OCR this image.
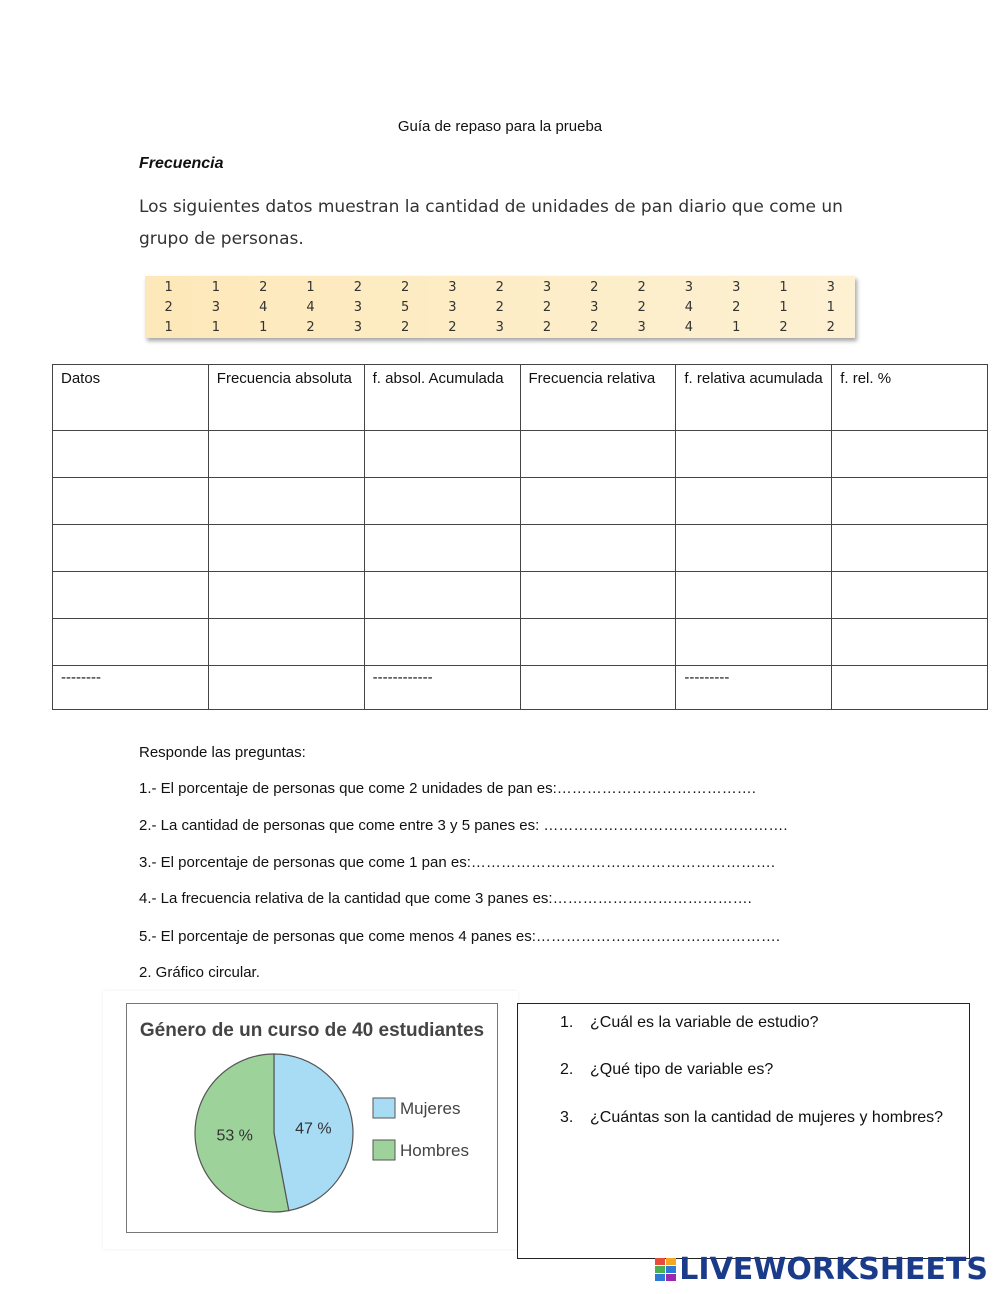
Guía de repaso para la prueba
Frecuencia
Los siguientes datos muestran la cantidad de unidades de pan diario que come un grupo de personas.
1	1	2	1	2	2	3	2	3	2	2	3	3	1	3
2	3	4	4	3	5	3	2	2	3	2	4	2	1	1
1	1	1	2	3	2	2	3	2	2	3	4	1	2	2
Datos	Frecuencia absoluta	f. absol. Acumulada	Frecuencia relativa	f. relativa acumulada	f. rel. %

--------		------------		---------	
Responde las preguntas:
1.- El porcentaje de personas que come 2 unidades de pan es:………………………………….
2.- La cantidad de personas que come entre 3 y 5 panes es: ………………………………………….
3.- El porcentaje de personas que come 1 pan es:…………………………………………………….
4.- La frecuencia relativa de la cantidad que come 3 panes es:………………………………….
5.- El porcentaje de personas que come menos 4 panes es:………………………………………….
2. Gráfico circular.
Género de un curso de 40 estudiantes
47 %
53 %
Mujeres
Hombres
1. ¿Cuál es la variable de estudio?
2. ¿Qué tipo de variable es?
3. ¿Cuántas son la cantidad de mujeres y hombres?
LIVEWORKSHEETS
